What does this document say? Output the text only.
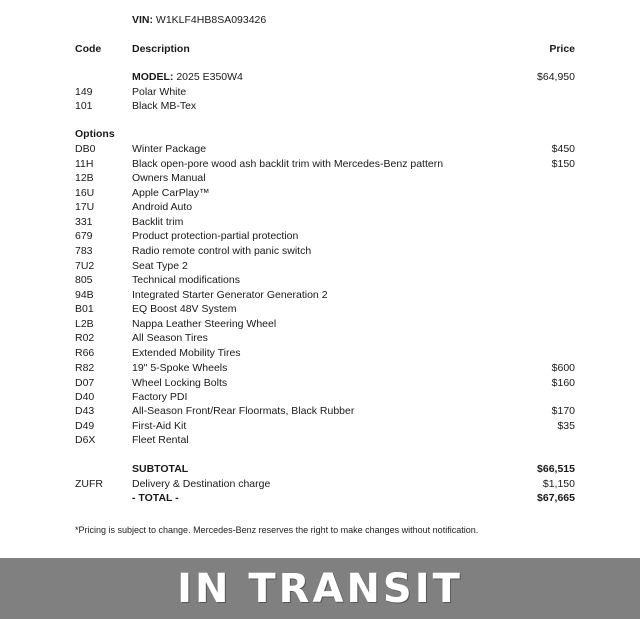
VIN: W1KLF4HB8SA093426
Code	Description	Price
MODEL: 2025 E350W4	$64,950
149	Polar White
101	Black MB-Tex
Options
DB0	Winter Package	$450
11H	Black open-pore wood ash backlit trim with Mercedes-Benz pattern	$150
12B	Owners Manual
16U	Apple CarPlay™
17U	Android Auto
331	Backlit trim
679	Product protection-partial protection
783	Radio remote control with panic switch
7U2	Seat Type 2
805	Technical modifications
94B	Integrated Starter Generator Generation 2
B01	EQ Boost 48V System
L2B	Nappa Leather Steering Wheel
R02	All Season Tires
R66	Extended Mobility Tires
R82	19" 5-Spoke Wheels	$600
D07	Wheel Locking Bolts	$160
D40	Factory PDI
D43	All-Season Front/Rear Floormats, Black Rubber	$170
D49	First-Aid Kit	$35
D6X	Fleet Rental
SUBTOTAL	$66,515
ZUFR	Delivery & Destination charge	$1,150
- TOTAL -	$67,665
*Pricing is subject to change. Mercedes-Benz reserves the right to make changes without notification.
IN TRANSIT
